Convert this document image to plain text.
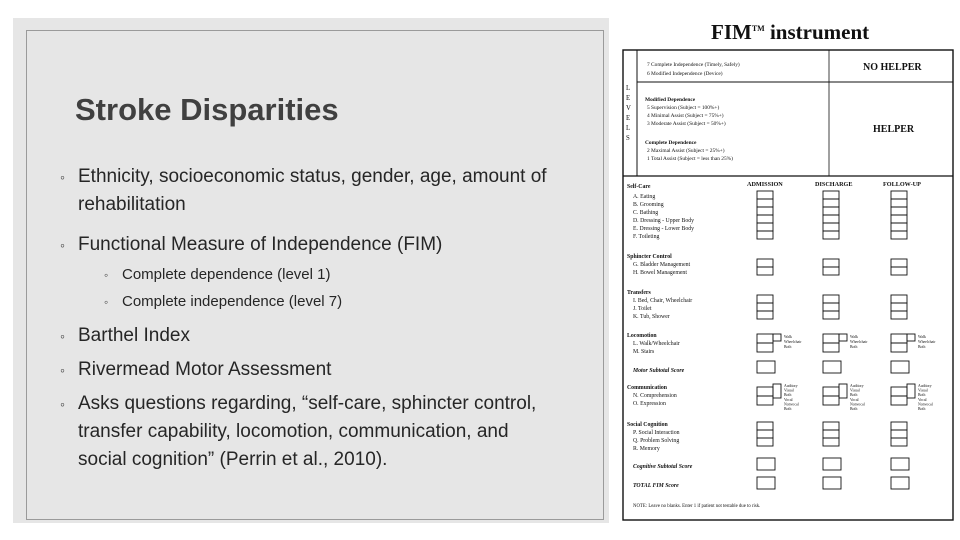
Stroke Disparities
◦ Ethnicity, socioeconomic status, gender, age, amount of rehabilitation
◦ Functional Measure of Independence (FIM)
◦ Complete dependence (level 1)
◦ Complete independence (level 7)
◦ Barthel Index
◦ Rivermead Motor Assessment
◦ Asks questions regarding, “self-care, sphincter control, transfer capability, locomotion, communication, and social cognition” (Perrin et al., 2010).
FIM™ instrument
L
E
V
E
L
S
7 Complete Independence (Timely, Safely)
6 Modified Independence (Device)
Modified Dependence
5 Supervision (Subject = 100%+)
4 Minimal Assist (Subject = 75%+)
3 Moderate Assist (Subject = 50%+)
Complete Dependence
2 Maximal Assist (Subject = 25%+)
1 Total Assist (Subject = less than 25%)
NO HELPER
HELPER
ADMISSION	DISCHARGE	FOLLOW-UP
Self-Care
A. Eating
B. Grooming
C. Bathing
D. Dressing - Upper Body
E. Dressing - Lower Body
F. Toileting
Sphincter Control
G. Bladder Management
H. Bowel Management
Transfers
I. Bed, Chair, Wheelchair
J. Toilet
K. Tub, Shower
Locomotion
L. Walk/Wheelchair
M. Stairs
Motor Subtotal Score
Communication
N. Comprehension
O. Expression
Social Cognition
P. Social Interaction
Q. Problem Solving
R. Memory
Cognitive Subtotal Score
TOTAL FIM Score
NOTE: Leave no blanks. Enter 1 if patient not testable due to risk.
Walk
Wheelchair
Both
Auditory
Visual
Both
Vocal
Nonvocal
Both
Walk
Wheelchair
Both
Auditory
Visual
Both
Vocal
Nonvocal
Both
Walk
Wheelchair
Both
Auditory
Visual
Both
Vocal
Nonvocal
Both
